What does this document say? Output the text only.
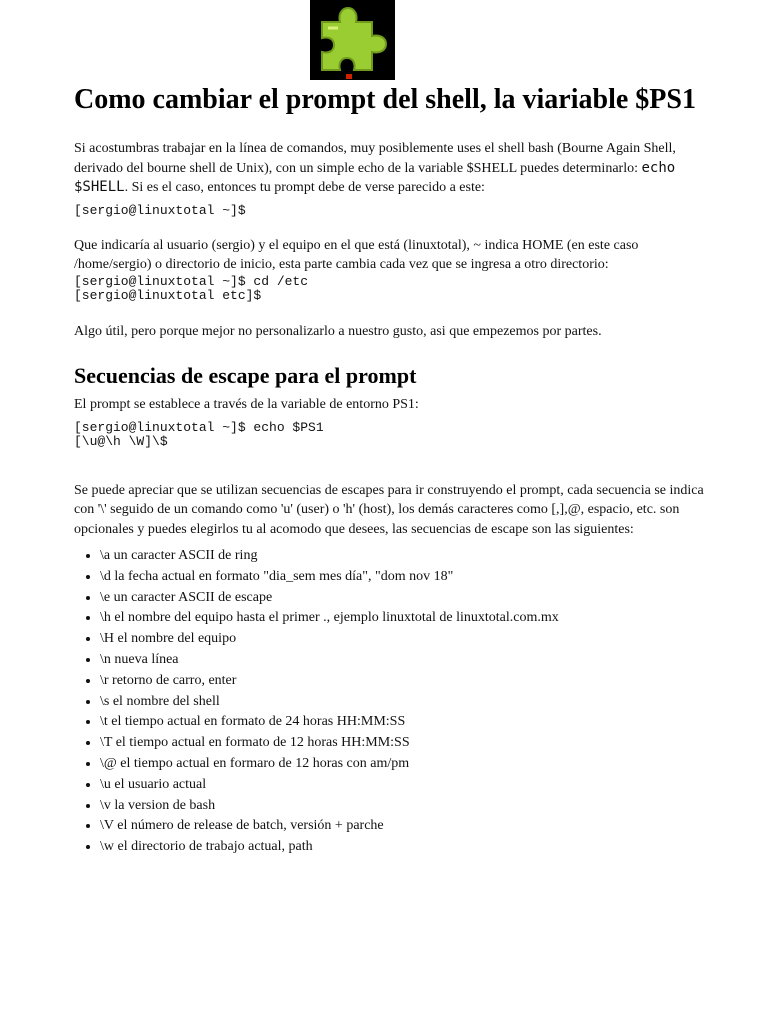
Como cambiar el prompt del shell, la viariable $PS1

Si acostumbras trabajar en la línea de comandos, muy posiblemente uses el shell bash (Bourne Again Shell, derivado del bourne shell de Unix), con un simple echo de la variable $SHELL puedes determinarlo: echo $SHELL. Si es el caso, entonces tu prompt debe de verse parecido a este:

[sergio@linuxtotal ~]$

Que indicaría al usuario (sergio) y el equipo en el que está (linuxtotal), ~ indica HOME (en este caso /home/sergio) o directorio de inicio, esta parte cambia cada vez que se ingresa a otro directorio:

[sergio@linuxtotal ~]$ cd /etc
[sergio@linuxtotal etc]$

Algo útil, pero porque mejor no personalizarlo a nuestro gusto, asi que empezemos por partes.

Secuencias de escape para el prompt

El prompt se establece a través de la variable de entorno PS1:

[sergio@linuxtotal ~]$ echo $PS1
[\u@\h \W]\$

Se puede apreciar que se utilizan secuencias de escapes para ir construyendo el prompt, cada secuencia se indica con '\' seguido de un comando como 'u' (user) o 'h' (host), los demás caracteres como [,],@, espacio, etc. son opcionales y puedes elegirlos tu al acomodo que desees, las secuencias de escape son las siguientes:

• \a un caracter ASCII de ring
• \d la fecha actual en formato "dia_sem mes día", "dom nov 18"
• \e un caracter ASCII de escape
• \h el nombre del equipo hasta el primer ., ejemplo linuxtotal de linuxtotal.com.mx
• \H el nombre del equipo
• \n nueva línea
• \r retorno de carro, enter
• \s el nombre del shell
• \t el tiempo actual en formato de 24 horas HH:MM:SS
• \T el tiempo actual en formato de 12 horas HH:MM:SS
• \@ el tiempo actual en formaro de 12 horas con am/pm
• \u el usuario actual
• \v la version de bash
• \V el número de release de batch, versión + parche
• \w el directorio de trabajo actual, path
